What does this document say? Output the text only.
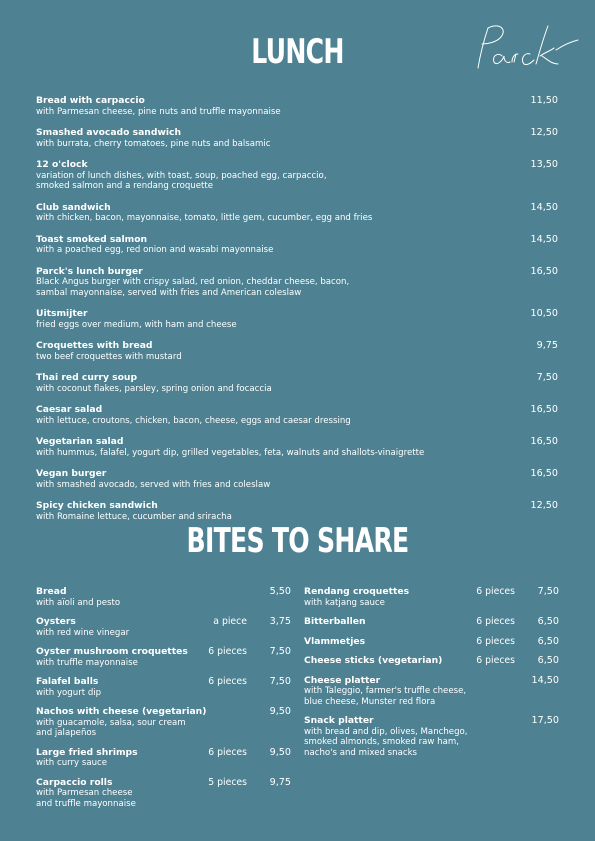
LUNCH
Bread with carpaccio
with Parmesan cheese, pine nuts and truffle mayonnaise
11,50
Smashed avocado sandwich
with burrata, cherry tomatoes, pine nuts and balsamic
12,50
12 o'clock
variation of lunch dishes, with toast, soup, poached egg, carpaccio,
smoked salmon and a rendang croquette
13,50
Club sandwich
with chicken, bacon, mayonnaise, tomato, little gem, cucumber, egg and fries
14,50
Toast smoked salmon
with a poached egg, red onion and wasabi mayonnaise
14,50
Parck's lunch burger
Black Angus burger with crispy salad, red onion, cheddar cheese, bacon,
sambal mayonnaise, served with fries and American coleslaw
16,50
Uitsmijter
fried eggs over medium, with ham and cheese
10,50
Croquettes with bread
two beef croquettes with mustard
9,75
Thai red curry soup
with coconut flakes, parsley, spring onion and focaccia
7,50
Caesar salad
with lettuce, croutons, chicken, bacon, cheese, eggs and caesar dressing
16,50
Vegetarian salad
with hummus, falafel, yogurt dip, grilled vegetables, feta, walnuts and shallots-vinaigrette
16,50
Vegan burger
with smashed avocado, served with fries and coleslaw
16,50
Spicy chicken sandwich
with Romaine lettuce, cucumber and sriracha
12,50
BITES TO SHARE
Bread
with aïoli and pesto
5,50
Oysters
with red wine vinegar
a piece 3,75
Oyster mushroom croquettes
with truffle mayonnaise
6 pieces 7,50
Falafel balls
with yogurt dip
6 pieces 7,50
Nachos with cheese (vegetarian)
with guacamole, salsa, sour cream
and jalapeños
9,50
Large fried shrimps
with curry sauce
6 pieces 9,50
Carpaccio rolls
with Parmesan cheese
and truffle mayonnaise
5 pieces 9,75
Rendang croquettes
with katjang sauce
6 pieces 7,50
Bitterballen	6 pieces 6,50
Vlammetjes	6 pieces 6,50
Cheese sticks (vegetarian)	6 pieces 6,50
Cheese platter
with Taleggio, farmer's truffle cheese,
blue cheese, Munster red flora
14,50
Snack platter
with bread and dip, olives, Manchego,
smoked almonds, smoked raw ham,
nacho's and mixed snacks
17,50
